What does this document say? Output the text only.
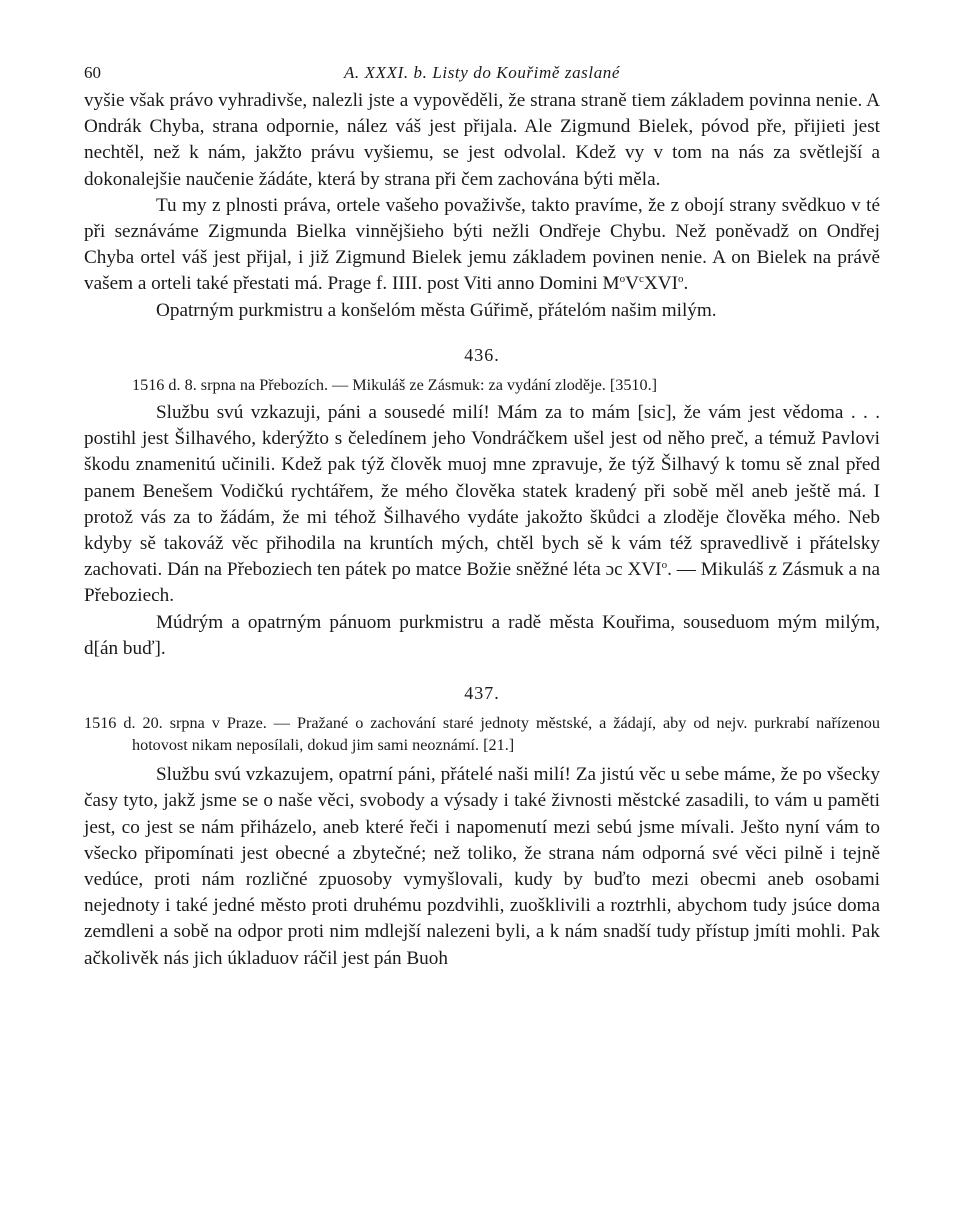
60	A. XXXI. b. Listy do Kouřimě zaslané

vyšie však právo vyhradivše, nalezli jste a vypověděli, že strana straně tiem základem povinna nenie. A Ondrák Chyba, strana odpornie, nález váš jest přijala. Ale Zigmund Bielek, póvod pře, přijieti jest nechtěl, než k nám, jakžto právu vyšiemu, se jest odvolal. Kdež vy v tom na nás za světlejší a dokonalejšie naučenie žádáte, která by strana při čem zachována býti měla.

Tu my z plnosti práva, ortele vašeho považivše, takto pravíme, že z obojí strany svědkuo v té při seznáváme Zigmunda Bielka vinnějšieho býti nežli Ondřeje Chybu. Než poněvadž on Ondřej Chyba ortel váš jest přijal, i již Zigmund Bielek jemu základem povinen nenie. A on Bielek na právě vašem a orteli také přestati má. Prage f. IIII. post Viti anno Domini $M^oV^cXVI^o$.

Opatrným purkmistru a konšelóm města Gúřimě, přátelóm našim milým.

436.

1516 d. 8. srpna na Přebozích. — Mikuláš ze Zásmuk: za vydání zloděje. [3510.]

Službu svú vzkazuji, páni a sousedé milí! Mám za to mám [sic], že vám jest vědoma . . . postihl jest Šilhavého, kderýžto s čeledínem jeho Vondráčkem ušel jest od něho preč, a témuž Pavlovi škodu znamenitú učinili. Kdež pak týž člověk muoj mne zpravuje, že týž Šilhavý k tomu sě znal před panem Benešem Vodičkú rychtářem, že mého člověka statek kradený při sobě měl aneb ještě má. I protož vás za to žádám, že mi téhož Šilhavého vydáte jakožto škůdci a zloděje člověka mého. Neb kdyby sě takováž věc přihodila na kruntích mých, chtěl bych sě k vám též spravedlivě i přátelsky zachovati. Dán na Přeboziech ten pátek po matce Božie sněžné léta ɔc XVI$^o$. — Mikuláš z Zásmuk a na Přeboziech.

Múdrým a opatrným pánuom purkmistru a radě města Kouřima, souseduom mým milým, d[án buď].

437.

1516 d. 20. srpna v Praze. — Pražané o zachování staré jednoty městské, a žádají, aby od nejv. purkrabí nařízenou hotovost nikam neposílali, dokud jim sami neoznámí. [21.]

Službu svú vzkazujem, opatrní páni, přátelé naši milí! Za jistú věc u sebe máme, že po všecky časy tyto, jakž jsme se o naše věci, svobody a výsady i také živnosti městcké zasadili, to vám u paměti jest, co jest se nám přiházelo, aneb které řeči i napomenutí mezi sebú jsme mívali. Ješto nyní vám to všecko připomínati jest obecné a zbytečné; než toliko, že strana nám odporná své věci pilně i tejně vedúce, proti nám rozličné zpuosoby vymyšlovali, kudy by buďto mezi obecmi aneb osobami nejednoty i také jedné město proti druhému pozdvihli, zuošklivili a roztrhli, abychom tudy jsúce doma zemdleni a sobě na odpor proti nim mdlejší nalezeni byli, a k nám snadší tudy přístup jmíti mohli. Pak ačkolivěk nás jich úkladuov ráčil jest pán Buoh
